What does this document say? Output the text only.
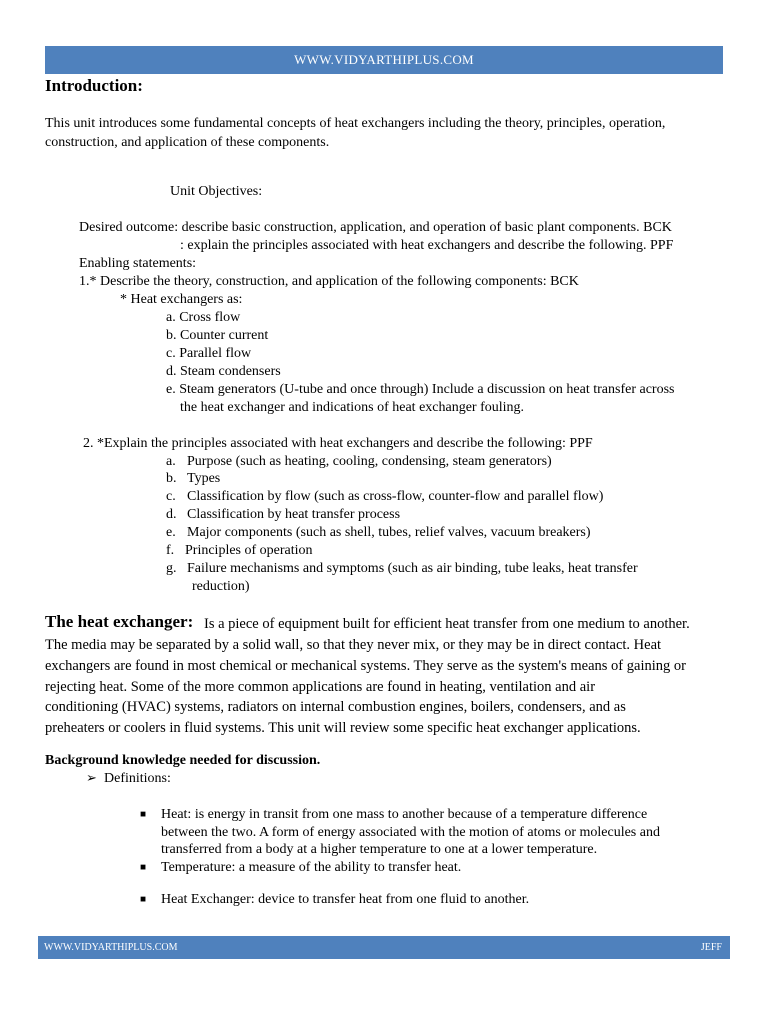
WWW.VIDYARTHIPLUS.COM
Introduction:
This unit introduces some fundamental concepts of heat exchangers including the theory, principles, operation,
construction, and application of these components.
Unit Objectives:
Desired outcome: describe basic construction, application, and operation of basic plant components. BCK
: explain the principles associated with heat exchangers and describe the following. PPF
Enabling statements:
1.* Describe the theory, construction, and application of the following components: BCK
* Heat exchangers as:
a. Cross flow
b. Counter current
c. Parallel flow
d. Steam condensers
e. Steam generators (U-tube and once through) Include a discussion on heat transfer across
the heat exchanger and indications of heat exchanger fouling.
2. *Explain the principles associated with heat exchangers and describe the following: PPF
a. Purpose (such as heating, cooling, condensing, steam generators)
b. Types
c. Classification by flow (such as cross-flow, counter-flow and parallel flow)
d. Classification by heat transfer process
e. Major components (such as shell, tubes, relief valves, vacuum breakers)
f. Principles of operation
g. Failure mechanisms and symptoms (such as air binding, tube leaks, heat transfer
reduction)
The heat exchanger: Is a piece of equipment built for efficient heat transfer from one medium to another.
The media may be separated by a solid wall, so that they never mix, or they may be in direct contact. Heat
exchangers are found in most chemical or mechanical systems. They serve as the system's means of gaining or
rejecting heat. Some of the more common applications are found in heating, ventilation and air
conditioning (HVAC) systems, radiators on internal combustion engines, boilers, condensers, and as
preheaters or coolers in fluid systems. This unit will review some specific heat exchanger applications.
Background knowledge needed for discussion.
➢ Definitions:
■ Heat: is energy in transit from one mass to another because of a temperature difference
between the two. A form of energy associated with the motion of atoms or molecules and
transferred from a body at a higher temperature to one at a lower temperature.
■ Temperature: a measure of the ability to transfer heat.
■ Heat Exchanger: device to transfer heat from one fluid to another.
WWW.VIDYARTHIPLUS.COM	JEFF
